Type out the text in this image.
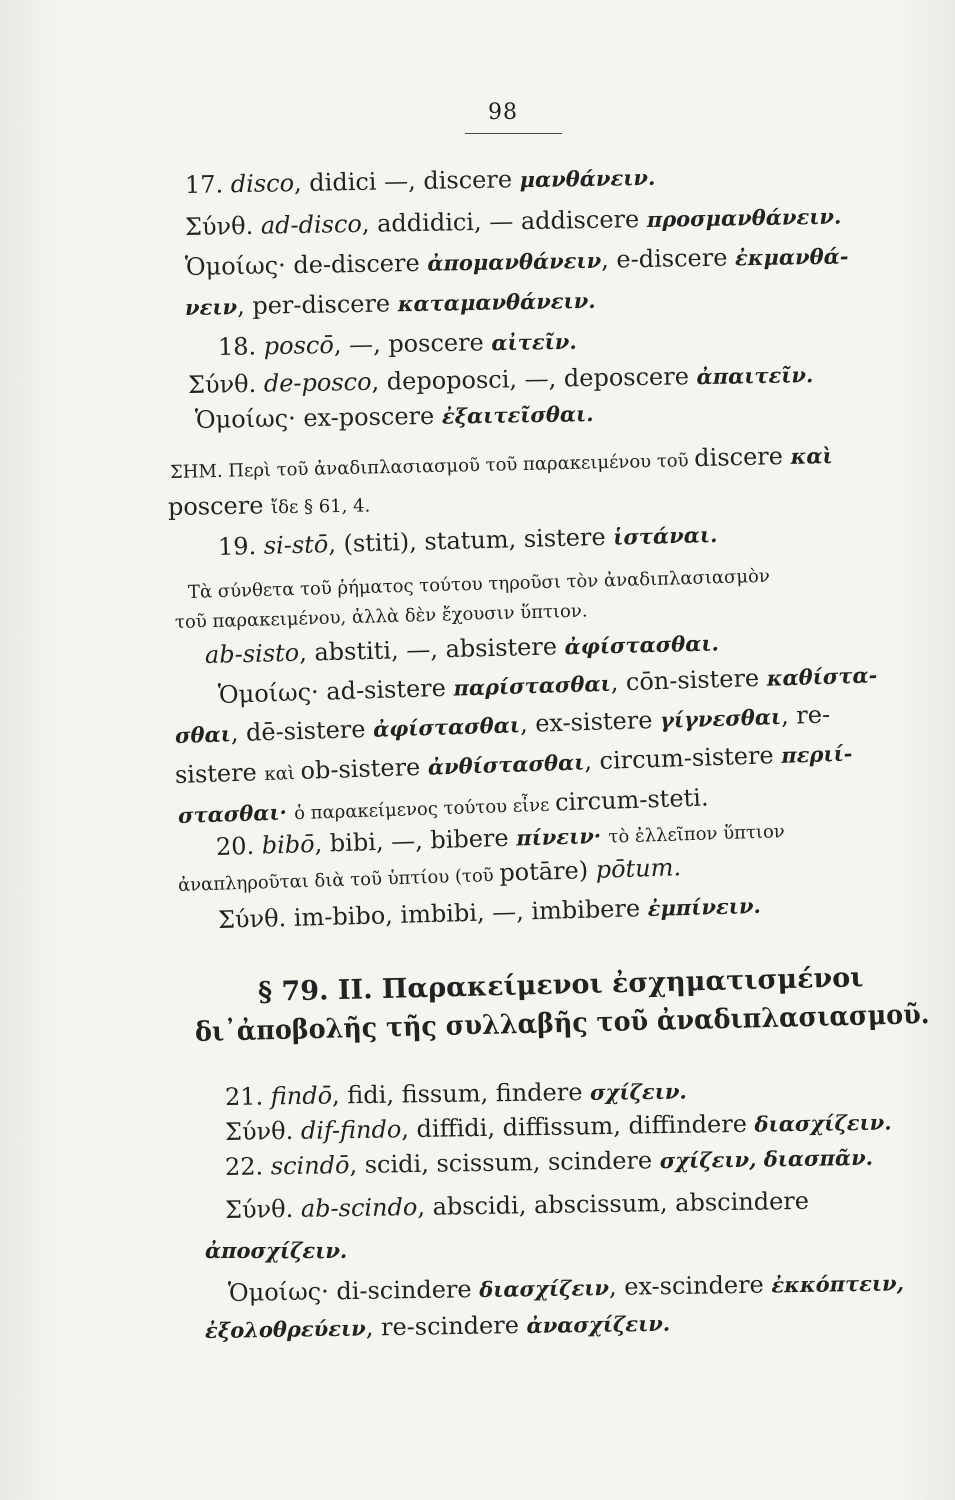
98
17. disco, didici —, discere μανθάνειν.
Σύνθ. ad-disco, addidici, — addiscere προσμανθάνειν.
Ὁμοίως· de-discere ἀπομανθάνειν, e-discere ἐκμανθά-
νειν, per-discere καταμανθάνειν.
18. poscō, —, poscere αἰτεῖν.
Σύνθ. de-posco, depoposci, —, deposcere ἀπαιτεῖν.
Ὁμοίως· ex-poscere ἐξαιτεῖσθαι.
ΣΗΜ. Περὶ τοῦ ἀναδιπλασιασμοῦ τοῦ παρακειμένου τοῦ discere καὶ
poscere ἴδε § 61, 4.
19. si-stō, (stiti), statum, sistere ἱστάναι.
Τὰ σύνθετα τοῦ ῥήματος τούτου τηροῦσι τὸν ἀναδιπλασιασμὸν
τοῦ παρακειμένου, ἀλλὰ δὲν ἔχουσιν ὕπτιον.
ab-sisto, abstiti, —, absistere ἀφίστασθαι.
Ὁμοίως· ad-sistere παρίστασθαι, cōn-sistere καθίστα-
σθαι, dē-sistere ἀφίστασθαι, ex-sistere γίγνεσθαι, re-
sistere καὶ ob-sistere ἀνθίστασθαι, circum-sistere περιί-
στασθαι· ὁ παρακείμενος τούτου εἶνε circum-steti.
20. bibō, bibi, —, bibere πίνειν· τὸ ἐλλεῖπον ὕπτιον
ἀναπληροῦται διὰ τοῦ ὑπτίου (τοῦ potāre) pōtum.
Σύνθ. im-bibo, imbibi, —, imbibere ἐμπίνειν.
21. findō, fidi, fissum, findere σχίζειν.
Σύνθ. dif-findo, diffidi, diffissum, diffindere διασχίζειν.
22. scindō, scidi, scissum, scindere σχίζειν, διασπᾶν.
Σύνθ. ab-scindo, abscidi, abscissum, abscindere
ἀποσχίζειν.
Ὁμοίως· di-scindere διασχίζειν, ex-scindere ἐκκόπτειν,
ἐξολοθρεύειν, re-scindere ἀνασχίζειν.
§ 79. II. Παρακείμενοι ἐσχηματισμένοι
δι᾽ἀποβολῆς τῆς συλλαβῆς τοῦ ἀναδιπλασιασμοῦ.
